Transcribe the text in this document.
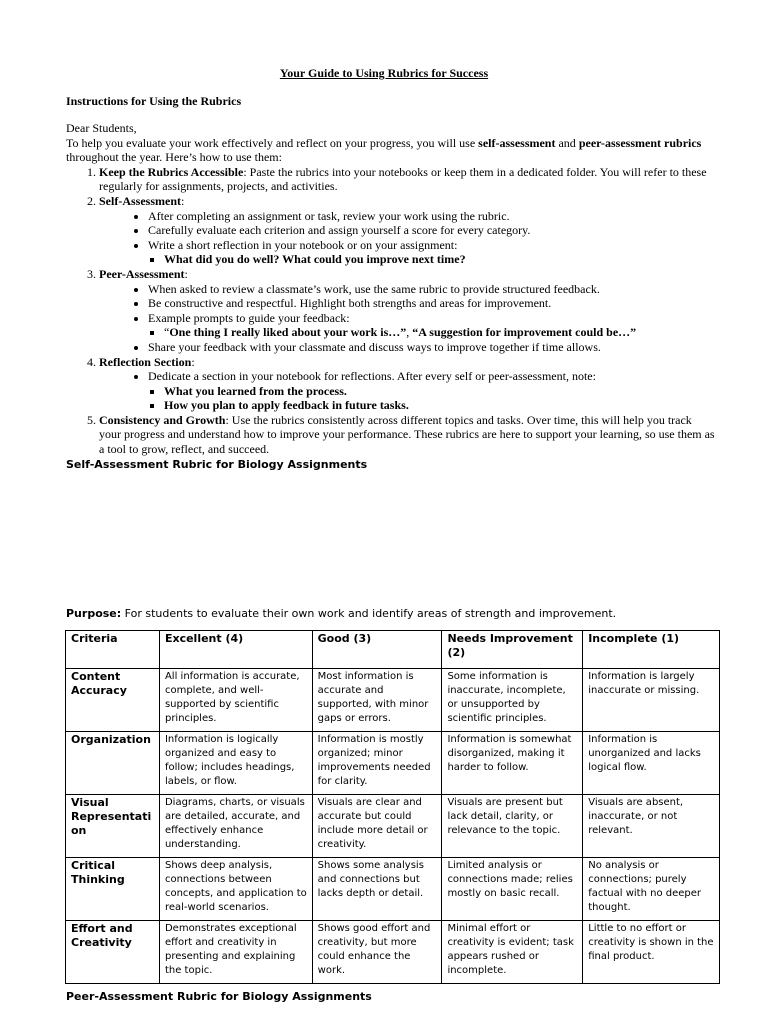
Your Guide to Using Rubrics for Success
Instructions for Using the Rubrics

Dear Students,

To help you evaluate your work effectively and reflect on your progress, you will use self-assessment and peer-assessment rubrics throughout the year. Here’s how to use them:

1. Keep the Rubrics Accessible: Paste the rubrics into your notebooks or keep them in a dedicated folder. You will refer to these regularly for assignments, projects, and activities.
2. Self-Assessment:
• After completing an assignment or task, review your work using the rubric.
• Carefully evaluate each criterion and assign yourself a score for every category.
• Write a short reflection in your notebook or on your assignment:
▪ What did you do well? What could you improve next time?
3. Peer-Assessment:
• When asked to review a classmate’s work, use the same rubric to provide structured feedback.
• Be constructive and respectful. Highlight both strengths and areas for improvement.
• Example prompts to guide your feedback:
▪ “One thing I really liked about your work is…”, “A suggestion for improvement could be…”
• Share your feedback with your classmate and discuss ways to improve together if time allows.
4. Reflection Section:
• Dedicate a section in your notebook for reflections. After every self or peer-assessment, note:
▪ What you learned from the process.
▪ How you plan to apply feedback in future tasks.
5. Consistency and Growth: Use the rubrics consistently across different topics and tasks. Over time, this will help you track your progress and understand how to improve your performance. These rubrics are here to support your learning, so use them as a tool to grow, reflect, and succeed.
Self-Assessment Rubric for Biology Assignments
Purpose: For students to evaluate their own work and identify areas of strength and improvement.
Criteria	Excellent (4)	Good (3)	Needs Improvement (2)	Incomplete (1)
Content Accuracy	All information is accurate, complete, and well-supported by scientific principles.	Most information is accurate and supported, with minor gaps or errors.	Some information is inaccurate, incomplete, or unsupported by scientific principles.	Information is largely inaccurate or missing.
Organization	Information is logically organized and easy to follow; includes headings, labels, or flow.	Information is mostly organized; minor improvements needed for clarity.	Information is somewhat disorganized, making it harder to follow.	Information is unorganized and lacks logical flow.
Visual Representati on	Diagrams, charts, or visuals are detailed, accurate, and effectively enhance understanding.	Visuals are clear and accurate but could include more detail or creativity.	Visuals are present but lack detail, clarity, or relevance to the topic.	Visuals are absent, inaccurate, or not relevant.
Critical Thinking	Shows deep analysis, connections between concepts, and application to real-world scenarios.	Shows some analysis and connections but lacks depth or detail.	Limited analysis or connections made; relies mostly on basic recall.	No analysis or connections; purely factual with no deeper thought.
Effort and Creativity	Demonstrates exceptional effort and creativity in presenting and explaining the topic.	Shows good effort and creativity, but more could enhance the work.	Minimal effort or creativity is evident; task appears rushed or incomplete.	Little to no effort or creativity is shown in the final product.
Peer-Assessment Rubric for Biology Assignments
